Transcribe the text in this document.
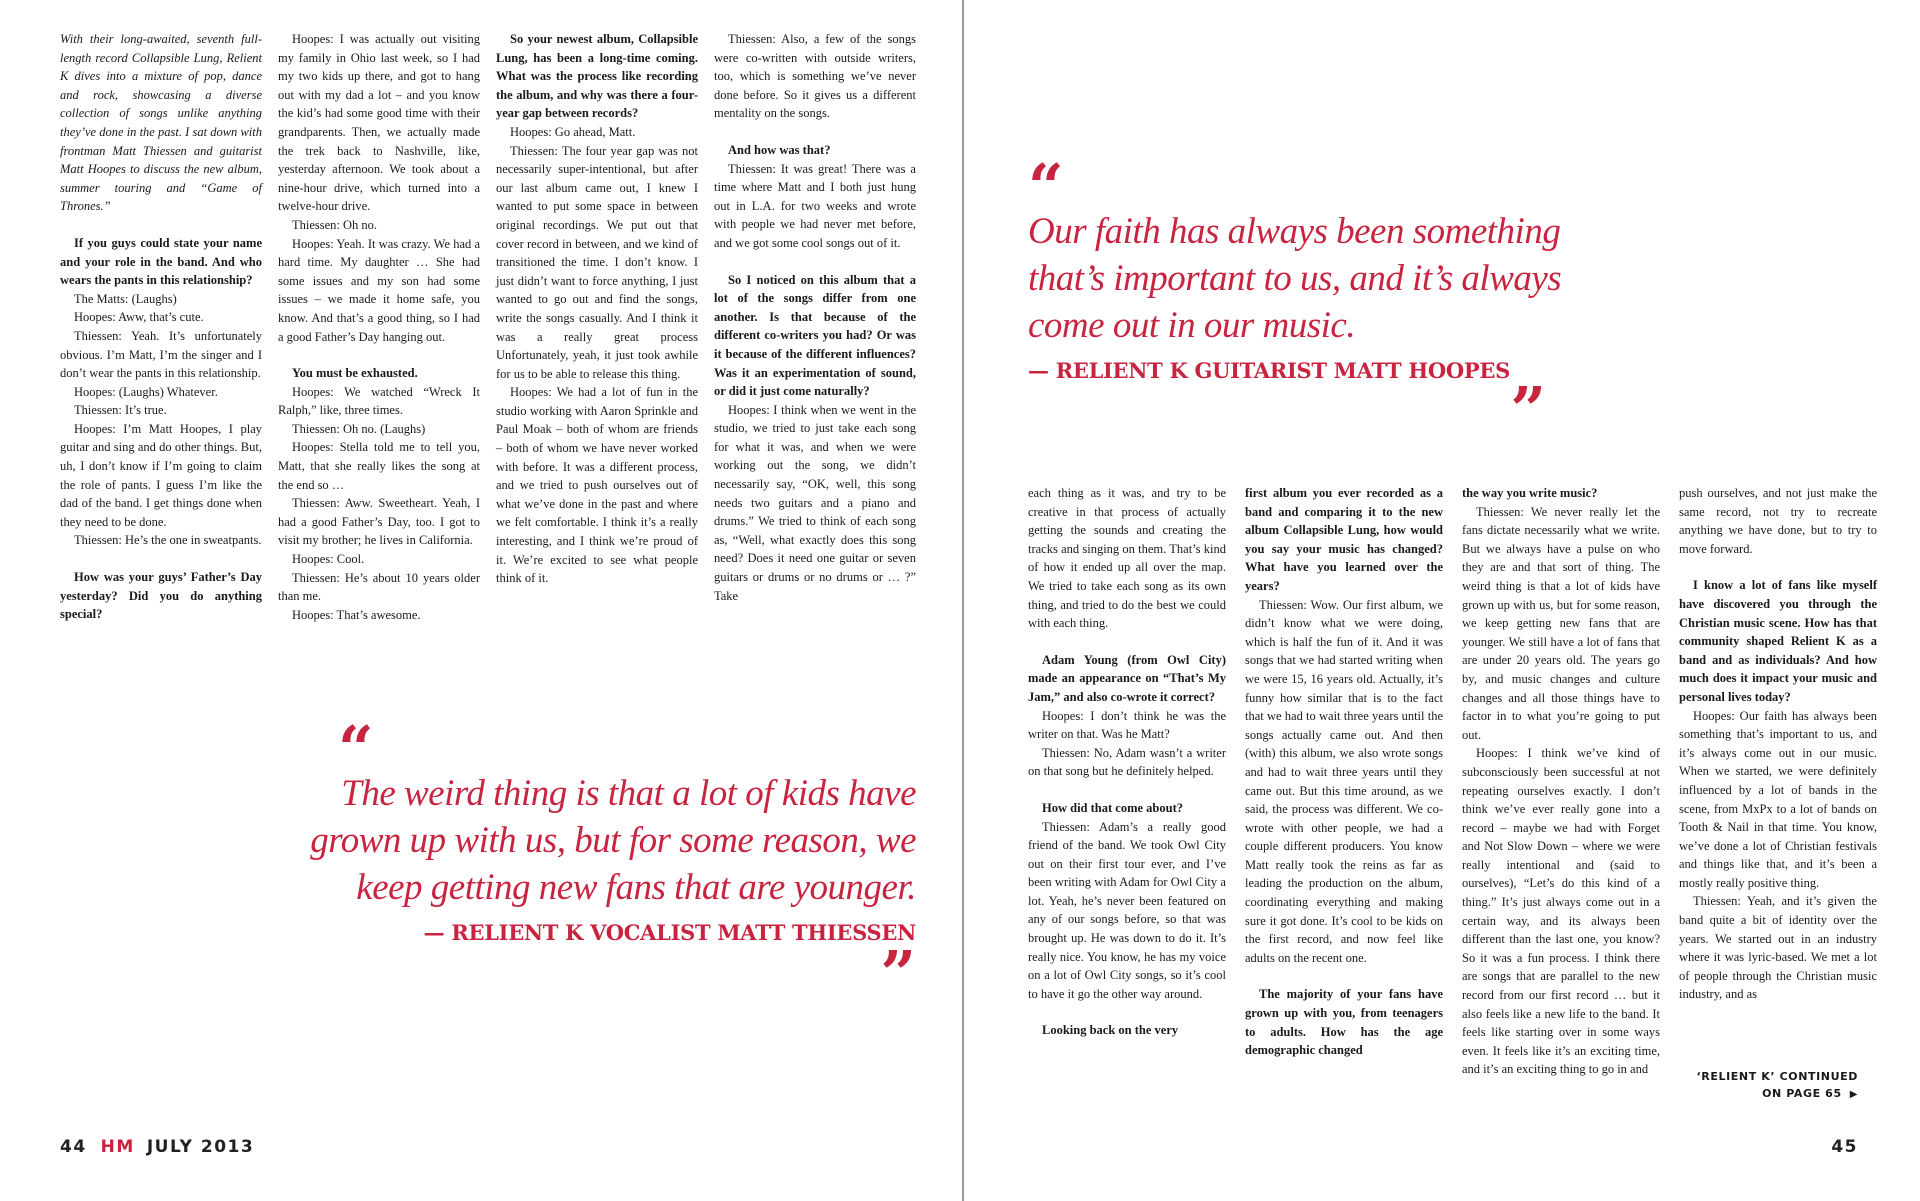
With their long-awaited, seventh full-length record Collapsible Lung, Relient K dives into a mixture of pop, dance and rock, showcasing a diverse collection of songs unlike anything they’ve done in the past. I sat down with frontman Matt Thiessen and guitarist Matt Hoopes to discuss the new album, summer touring and “Game of Thrones.”

If you guys could state your name and your role in the band. And who wears the pants in this relationship?

The Matts: (Laughs)

Hoopes: Aww, that’s cute.

Thiessen: Yeah. It’s unfortunately obvious. I’m Matt, I’m the singer and I don’t wear the pants in this relationship.

Hoopes: (Laughs) Whatever.

Thiessen: It’s true.

Hoopes: I’m Matt Hoopes, I play guitar and sing and do other things. But, uh, I don’t know if I’m going to claim the role of pants. I guess I’m like the dad of the band. I get things done when they need to be done.

Thiessen: He’s the one in sweatpants.

How was your guys’ Father’s Day yesterday? Did you do anything special?

Hoopes: I was actually out visiting my family in Ohio last week, so I had my two kids up there, and got to hang out with my dad a lot – and you know the kid’s had some good time with their grandparents. Then, we actually made the trek back to Nashville, like, yesterday afternoon. We took about a nine-hour drive, which turned into a twelve-hour drive.

Thiessen: Oh no.

Hoopes: Yeah. It was crazy. We had a hard time. My daughter … She had some issues and my son had some issues – we made it home safe, you know. And that’s a good thing, so I had a good Father’s Day hanging out.

You must be exhausted.

Hoopes: We watched “Wreck It Ralph,” like, three times.

Thiessen: Oh no. (Laughs)

Hoopes: Stella told me to tell you, Matt, that she really likes the song at the end so …

Thiessen: Aww. Sweetheart. Yeah, I had a good Father’s Day, too. I got to visit my brother; he lives in California.

Hoopes: Cool.

Thiessen: He’s about 10 years older than me.

Hoopes: That’s awesome.

So your newest album, Collapsible Lung, has been a long-time coming. What was the process like recording the album, and why was there a four-year gap between records?

Hoopes: Go ahead, Matt.

Thiessen: The four year gap was not necessarily super-intentional, but after our last album came out, I knew I wanted to put some space in between original recordings. We put out that cover record in between, and we kind of transitioned the time. I don’t know. I just didn’t want to force anything, I just wanted to go out and find the songs, write the songs casually. And I think it was a really great process Unfortunately, yeah, it just took awhile for us to be able to release this thing.

Hoopes: We had a lot of fun in the studio working with Aaron Sprinkle and Paul Moak – both of whom are friends – both of whom we have never worked with before. It was a different process, and we tried to push ourselves out of what we’ve done in the past and where we felt comfortable. I think it’s a really interesting, and I think we’re proud of it. We’re excited to see what people think of it.

Thiessen: Also, a few of the songs were co-written with outside writers, too, which is something we’ve never done before. So it gives us a different mentality on the songs.

And how was that?

Thiessen: It was great! There was a time where Matt and I both just hung out in L.A. for two weeks and wrote with people we had never met before, and we got some cool songs out of it.

So I noticed on this album that a lot of the songs differ from one another. Is that because of the different co-writers you had? Or was it because of the different influences? Was it an experimentation of sound, or did it just come naturally?

Hoopes: I think when we went in the studio, we tried to just take each song for what it was, and when we were working out the song, we didn’t necessarily say, “OK, well, this song needs two guitars and a piano and drums.” We tried to think of each song as, “Well, what exactly does this song need? Does it need one guitar or seven guitars or drums or no drums or … ?” Take

“
The weird thing is that a lot of kids have grown up with us, but for some reason, we keep getting new fans that are younger.
— RELIENT K VOCALIST MATT THIESSEN
”
44 HM JULY 2013
“
Our faith has always been something that’s important to us, and it’s always come out in our music.
— RELIENT K GUITARIST MATT HOOPES
”

each thing as it was, and try to be creative in that process of actually getting the sounds and creating the tracks and singing on them. That’s kind of how it ended up all over the map. We tried to take each song as its own thing, and tried to do the best we could with each thing.

Adam Young (from Owl City) made an appearance on “That’s My Jam,” and also co-wrote it correct?

Hoopes: I don’t think he was the writer on that. Was he Matt?

Thiessen: No, Adam wasn’t a writer on that song but he definitely helped.

How did that come about?

Thiessen: Adam’s a really good friend of the band. We took Owl City out on their first tour ever, and I’ve been writing with Adam for Owl City a lot. Yeah, he’s never been featured on any of our songs before, so that was brought up. He was down to do it. It’s really nice. You know, he has my voice on a lot of Owl City songs, so it’s cool to have it go the other way around.

Looking back on the very

first album you ever recorded as a band and comparing it to the new album Collapsible Lung, how would you say your music has changed? What have you learned over the years?

Thiessen: Wow. Our first album, we didn’t know what we were doing, which is half the fun of it. And it was songs that we had started writing when we were 15, 16 years old. Actually, it’s funny how similar that is to the fact that we had to wait three years until the songs actually came out. And then (with) this album, we also wrote songs and had to wait three years until they came out. But this time around, as we said, the process was different. We co-wrote with other people, we had a couple different producers. You know Matt really took the reins as far as leading the production on the album, coordinating everything and making sure it got done. It’s cool to be kids on the first record, and now feel like adults on the recent one.

The majority of your fans have grown up with you, from teenagers to adults. How has the age demographic changed

the way you write music?

Thiessen: We never really let the fans dictate necessarily what we write. But we always have a pulse on who they are and that sort of thing. The weird thing is that a lot of kids have grown up with us, but for some reason, we keep getting new fans that are younger. We still have a lot of fans that are under 20 years old. The years go by, and music changes and culture changes and all those things have to factor in to what you’re going to put out.

Hoopes: I think we’ve kind of subconsciously been successful at not repeating ourselves exactly. I don’t think we’ve ever really gone into a record – maybe we had with Forget and Not Slow Down – where we were really intentional and (said to ourselves), “Let’s do this kind of a thing.” It’s just always come out in a certain way, and its always been different than the last one, you know? So it was a fun process. I think there are songs that are parallel to the new record from our first record … but it also feels like a new life to the band. It feels like starting over in some ways even. It feels like it’s an exciting time, and it’s an exciting thing to go in and

push ourselves, and not just make the same record, not try to recreate anything we have done, but to try to move forward.

I know a lot of fans like myself have discovered you through the Christian music scene. How has that community shaped Relient K as a band and as individuals? And how much does it impact your music and personal lives today?

Hoopes: Our faith has always been something that’s important to us, and it’s always come out in our music. When we started, we were definitely influenced by a lot of bands in the scene, from MxPx to a lot of bands on Tooth & Nail in that time. You know, we’ve done a lot of Christian festivals and things like that, and it’s been a mostly really positive thing.

Thiessen: Yeah, and it’s given the band quite a bit of identity over the years. We started out in an industry where it was lyric-based. We met a lot of people through the Christian music industry, and as

‘RELIENT K’ CONTINUED
ON PAGE 65 ▶
45
